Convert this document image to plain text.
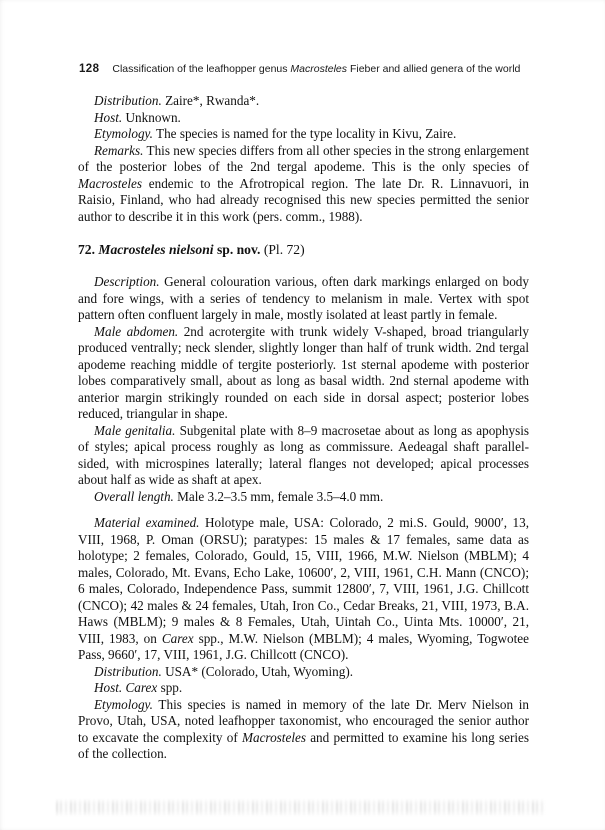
128 Classification of the leafhopper genus Macrosteles Fieber and allied genera of the world

Distribution. Zaire*, Rwanda*.

Host. Unknown.

Etymology. The species is named for the type locality in Kivu, Zaire.

Remarks. This new species differs from all other species in the strong enlargement of the posterior lobes of the 2nd tergal apodeme. This is the only species of Macrosteles endemic to the Afrotropical region. The late Dr. R. Linnavuori, in Raisio, Finland, who had already recognised this new species permitted the senior author to describe it in this work (pers. comm., 1988).

72. Macrosteles nielsoni sp. nov. (Pl. 72)

Description. General colouration various, often dark markings enlarged on body and fore wings, with a series of tendency to melanism in male. Vertex with spot pattern often confluent largely in male, mostly isolated at least partly in female.

Male abdomen. 2nd acrotergite with trunk widely V-shaped, broad triangularly produced ventrally; neck slender, slightly longer than half of trunk width. 2nd tergal apodeme reaching middle of tergite posteriorly. 1st sternal apodeme with posterior lobes comparatively small, about as long as basal width. 2nd sternal apodeme with anterior margin strikingly rounded on each side in dorsal aspect; posterior lobes reduced, triangular in shape.

Male genitalia. Subgenital plate with 8–9 macrosetae about as long as apophysis of styles; apical process roughly as long as commissure. Aedeagal shaft parallel-sided, with microspines laterally; lateral flanges not developed; apical processes about half as wide as shaft at apex.

Overall length. Male 3.2–3.5 mm, female 3.5–4.0 mm.

Material examined. Holotype male, USA: Colorado, 2 mi.S. Gould, 9000′, 13, VIII, 1968, P. Oman (ORSU); paratypes: 15 males & 17 females, same data as holotype; 2 females, Colorado, Gould, 15, VIII, 1966, M.W. Nielson (MBLM); 4 males, Colorado, Mt. Evans, Echo Lake, 10600′, 2, VIII, 1961, C.H. Mann (CNCO); 6 males, Colorado, Independence Pass, summit 12800′, 7, VIII, 1961, J.G. Chillcott (CNCO); 42 males & 24 females, Utah, Iron Co., Cedar Breaks, 21, VIII, 1973, B.A. Haws (MBLM); 9 males & 8 Females, Utah, Uintah Co., Uinta Mts. 10000′, 21, VIII, 1983, on Carex spp., M.W. Nielson (MBLM); 4 males, Wyoming, Togwotee Pass, 9660′, 17, VIII, 1961, J.G. Chillcott (CNCO).

Distribution. USA* (Colorado, Utah, Wyoming).

Host. Carex spp.

Etymology. This species is named in memory of the late Dr. Merv Nielson in Provo, Utah, USA, noted leafhopper taxonomist, who encouraged the senior author to excavate the complexity of Macrosteles and permitted to examine his long series of the collection.
